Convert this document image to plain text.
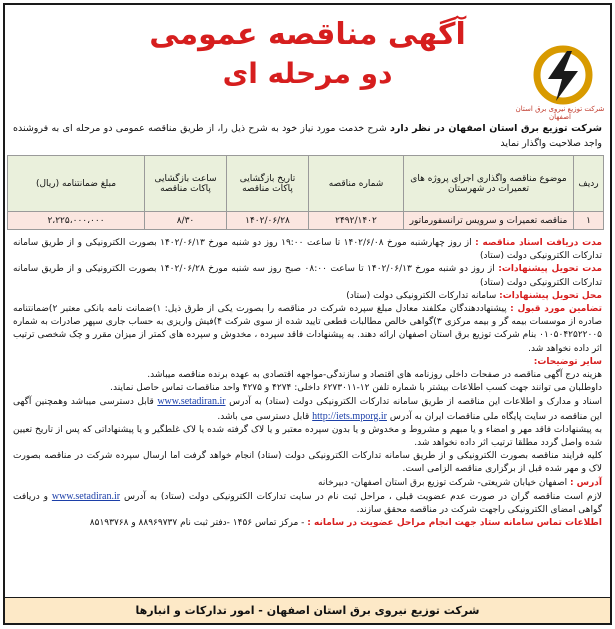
شرکت توزیع نیروی برق استان اصفهان
آگهی مناقصه عمومی
دو مرحله ای
شرکت توزیع برق استان اصفهان در نظر دارد شرح خدمت مورد نیاز خود به شرح ذیل را، از طریق مناقصه عمومی دو مرحله ای به فروشنده واجد صلاحیت واگذار نماید
ردیف	موضوع مناقصه واگذاری اجرای پروژه های تعمیرات در شهرستان	شماره مناقصه	تاریخ بازگشایی پاکات مناقصه	ساعت بازگشایی پاکات مناقصه	مبلغ ضمانتنامه (ریال)
۱	مناقصه تعمیرات و سرویس ترانسفورماتور	۲۴۹۲/۱۴۰۲	۱۴۰۲/۰۶/۲۸	۸/۳۰	۲،۲۲۵،۰۰۰،۰۰۰

مدت دریافت اسناد مناقصه : از روز چهارشنبه مورخ ۱۴۰۲/۶/۰۸ تا ساعت ۱۹:۰۰ روز دو شنبه مورخ ۱۴۰۲/۰۶/۱۳ بصورت الکترونیکی و از طریق سامانه تدارکات الکترونیکی دولت (ستاد)

مدت تحویل پیشنهادات: از روز دو شنبه مورخ ۱۴۰۲/۰۶/۱۳ تا ساعت ۰۸:۰۰ صبح روز سه شنبه مورخ ۱۴۰۲/۰۶/۲۸ بصورت الکترونیکی و از طریق سامانه تدارکات الکترونیکی دولت (ستاد)

محل تحویل پیشنهادات: سامانه تدارکات الکترونیکی دولت (ستاد)

تضامین مورد قبول : پیشنهاددهندگان مکلفند معادل مبلغ سپرده شرکت در مناقصه را بصورت یکی از طرق ذیل: ۱)ضمانت نامه بانکی معتبر ۲)ضمانتنامه صادره از موسسات بیمه گر و بیمه مرکزی ۳)گواهی خالص مطالبات قطعی تایید شده از سوی شرکت ۴)فیش واریزی به حساب جاری سپهر صادرات به شماره ۰۱۰۵۰۴۲۵۲۲۰۰۵ بنام شرکت توزیع برق استان اصفهان ارائه دهند. به پیشنهادات فاقد سپرده ، مخدوش و سپرده های کمتر از میزان مقرر و چک شخصی ترتیب اثر داده نخواهد شد.

سایر توضیحات:

هزینه درج آگهی مناقصه در صفحات داخلی روزنامه های اقتصاد و سازندگی-مواجهه اقتصادی به عهده برنده مناقصه میباشد.

داوطلبان می توانند جهت کسب اطلاعات بیشتر با شماره تلفن ۱۲-۶۲۷۳۰۱۱ داخلی: ۴۲۷۴ و ۴۲۷۵ واحد مناقصات تماس حاصل نمایند.

اسناد و مدارک و اطلاعات این مناقصه از طریق سامانه تدارکات الکترونیکی دولت (ستاد) به آدرس www.setadiran.ir قابل دسترسی میباشد وهمچنین آگهی این مناقصه در سایت پایگاه ملی مناقصات ایران به آدرس http://iets.mporg.ir قابل دسترسی می باشد.

به پیشنهادات فاقد مهر و امضاء و یا مبهم و مشروط و مخدوش و یا بدون سپرده معتبر و یا لاک گرفته شده یا لاک غلطگیر و یا پیشنهاداتی که پس از تاریخ تعیین شده واصل گردد مطلقا ترتیب اثر داده نخواهد شد.

کلیه فرایند مناقصه بصورت الکترونیکی و از طریق سامانه تدارکات الکترونیکی دولت (ستاد) انجام خواهد گرفت اما ارسال سپرده شرکت در مناقصه بصورت لاک و مهر شده قبل از برگزاری مناقصه الزامی است.

آدرس : اصفهان خیابان شریعتی- شرکت توزیع برق استان اصفهان- دبیرخانه

لازم است مناقصه گران در صورت عدم عضویت قبلی ، مراحل ثبت نام در سایت تدارکات الکترونیکی دولت (ستاد) به آدرس www.setadiran.ir و دریافت گواهی امضای الکترونیکی راجهت شرکت در مناقصه محقق سازند.

اطلاعات تماس سامانه ستاد جهت انجام مراحل عضویت در سامانه : - مرکز تماس ۱۴۵۶ -دفتر ثبت نام ۸۸۹۶۹۷۳۷ و ۸۵۱۹۳۷۶۸

شرکت توزیع نیروی برق استان اصفهان - امور تدارکات و انبارها
